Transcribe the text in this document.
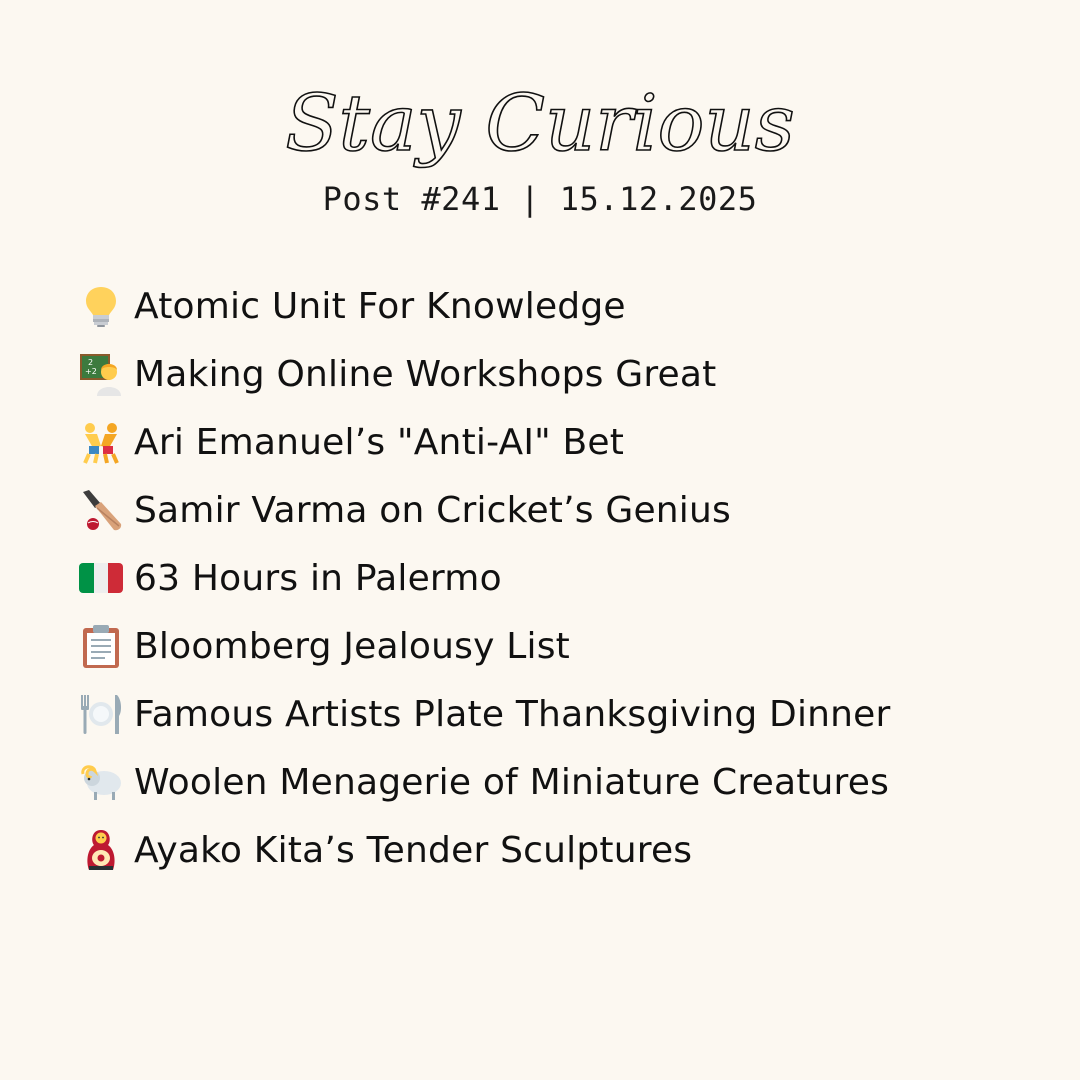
Stay Curious
Post #241 | 15.12.2025
Atomic Unit For Knowledge
2
+2 Making Online Workshops Great
Ari Emanuel’s "Anti-AI" Bet
Samir Varma on Cricket’s Genius
63 Hours in Palermo
Bloomberg Jealousy List
Famous Artists Plate Thanksgiving Dinner
Woolen Menagerie of Miniature Creatures
Ayako Kita’s Tender Sculptures
